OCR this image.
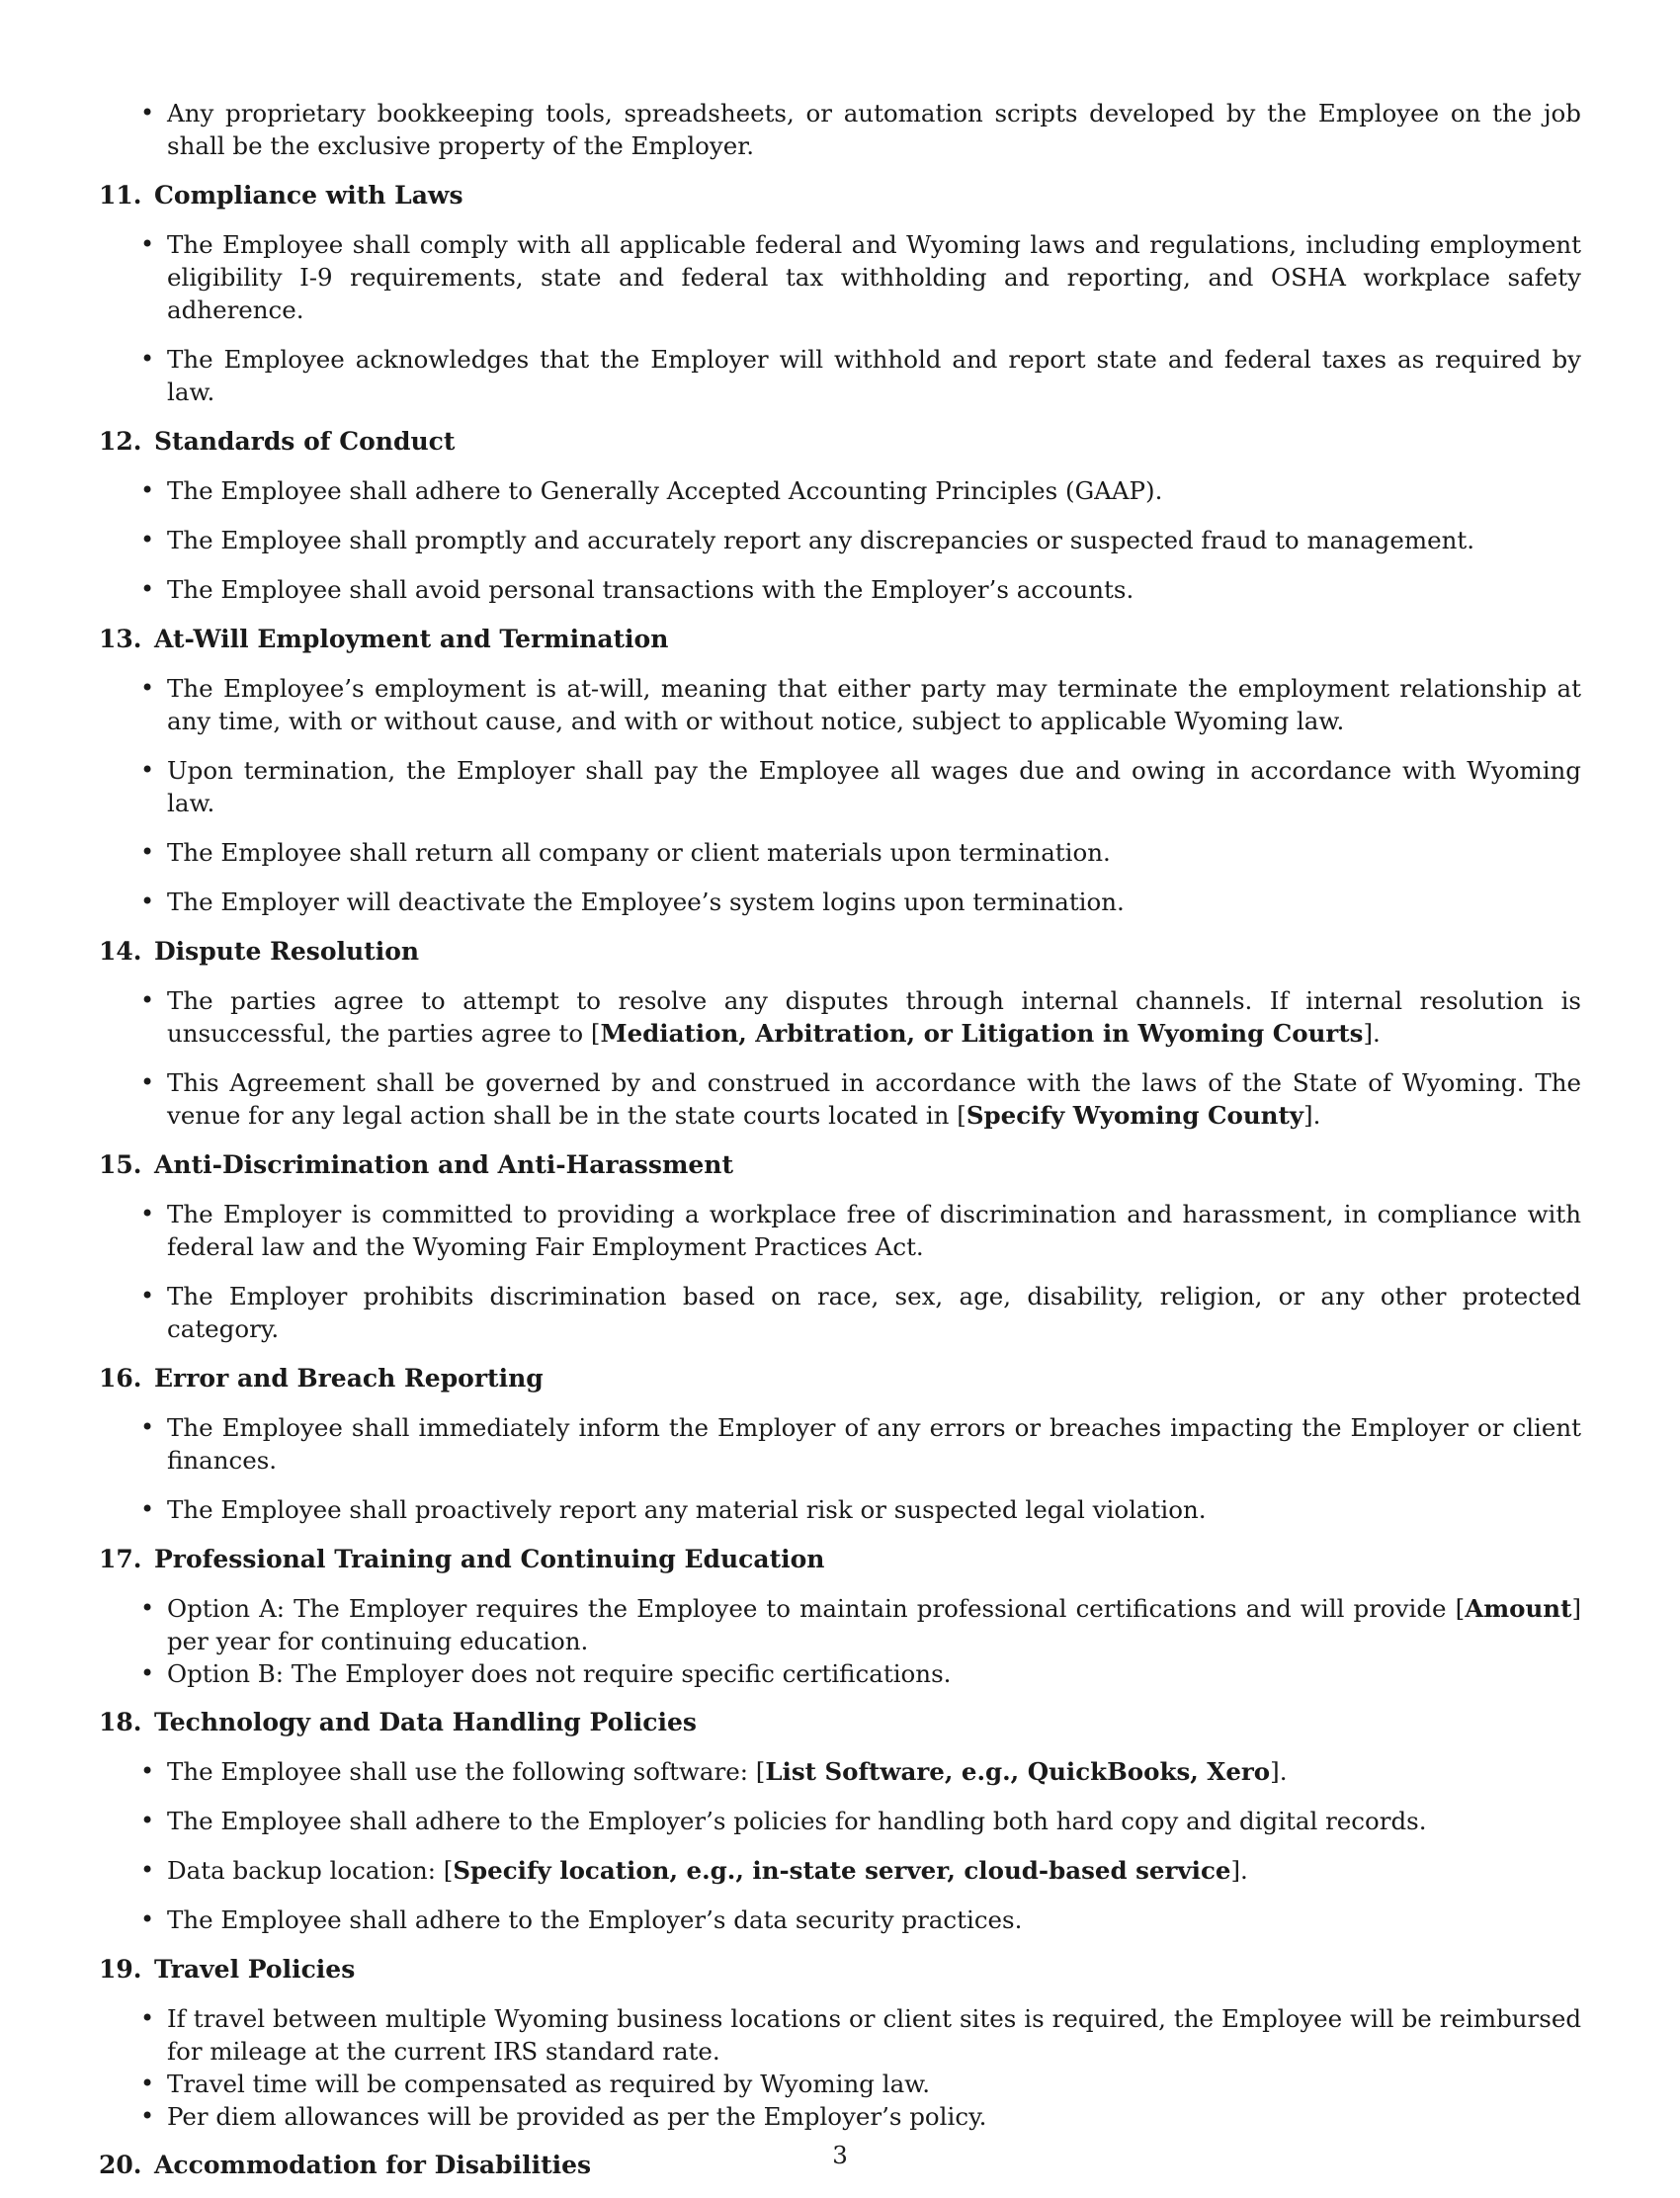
• Any proprietary bookkeeping tools, spreadsheets, or automation scripts developed by the Employee on the job shall be the exclusive property of the Employer.
11. Compliance with Laws
• The Employee shall comply with all applicable federal and Wyoming laws and regulations, including employment eligibility I-9 requirements, state and federal tax withholding and reporting, and OSHA workplace safety adherence.
• The Employee acknowledges that the Employer will withhold and report state and federal taxes as required by law.
12. Standards of Conduct
• The Employee shall adhere to Generally Accepted Accounting Principles (GAAP).
• The Employee shall promptly and accurately report any discrepancies or suspected fraud to management.
• The Employee shall avoid personal transactions with the Employer’s accounts.
13. At-Will Employment and Termination
• The Employee’s employment is at-will, meaning that either party may terminate the employment relationship at any time, with or without cause, and with or without notice, subject to applicable Wyoming law.
• Upon termination, the Employer shall pay the Employee all wages due and owing in accordance with Wyoming law.
• The Employee shall return all company or client materials upon termination.
• The Employer will deactivate the Employee’s system logins upon termination.
14. Dispute Resolution
• The parties agree to attempt to resolve any disputes through internal channels. If internal resolution is unsuccessful, the parties agree to [Mediation, Arbitration, or Litigation in Wyoming Courts].
• This Agreement shall be governed by and construed in accordance with the laws of the State of Wyoming. The venue for any legal action shall be in the state courts located in [Specify Wyoming County].
15. Anti-Discrimination and Anti-Harassment
• The Employer is committed to providing a workplace free of discrimination and harassment, in compliance with federal law and the Wyoming Fair Employment Practices Act.
• The Employer prohibits discrimination based on race, sex, age, disability, religion, or any other protected category.
16. Error and Breach Reporting
• The Employee shall immediately inform the Employer of any errors or breaches impacting the Employer or client finances.
• The Employee shall proactively report any material risk or suspected legal violation.
17. Professional Training and Continuing Education
• Option A: The Employer requires the Employee to maintain professional certifications and will provide [Amount] per year for continuing education.
• Option B: The Employer does not require specific certifications.
18. Technology and Data Handling Policies
• The Employee shall use the following software: [List Software, e.g., QuickBooks, Xero].
• The Employee shall adhere to the Employer’s policies for handling both hard copy and digital records.
• Data backup location: [Specify location, e.g., in-state server, cloud-based service].
• The Employee shall adhere to the Employer’s data security practices.
19. Travel Policies
• If travel between multiple Wyoming business locations or client sites is required, the Employee will be reimbursed for mileage at the current IRS standard rate.
• Travel time will be compensated as required by Wyoming law.
• Per diem allowances will be provided as per the Employer’s policy.
20. Accommodation for Disabilities	3
